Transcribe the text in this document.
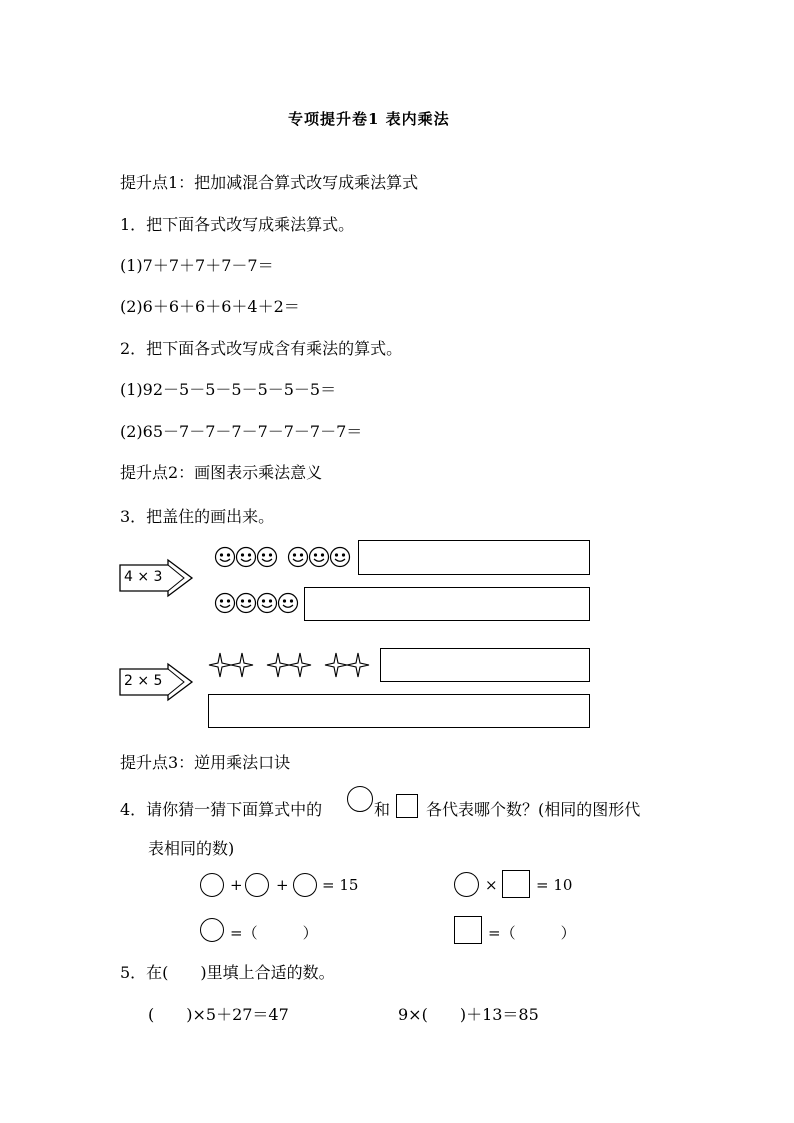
专项提升卷1 表内乘法
提升点1：把加减混合算式改写成乘法算式
1．把下面各式改写成乘法算式。
(1)7＋7＋7＋7－7＝
(2)6＋6＋6＋6＋4＋2＝
2．把下面各式改写成含有乘法的算式。
(1)92－5－5－5－5－5－5＝
(2)65－7－7－7－7－7－7－7＝
提升点2：画图表示乘法意义
3．把盖住的画出来。
4 × 3
2 × 5
提升点3：逆用乘法口诀
4．请你猜一猜下面算式中的	和 各代表哪个数？(相同的图形代
表相同的数)
+ + = 15	×	= 10
=（　　　）	=（　　　）
5．在(　　)里填上合适的数。
(　　)×5＋27＝47	9×(　　)＋13＝85
